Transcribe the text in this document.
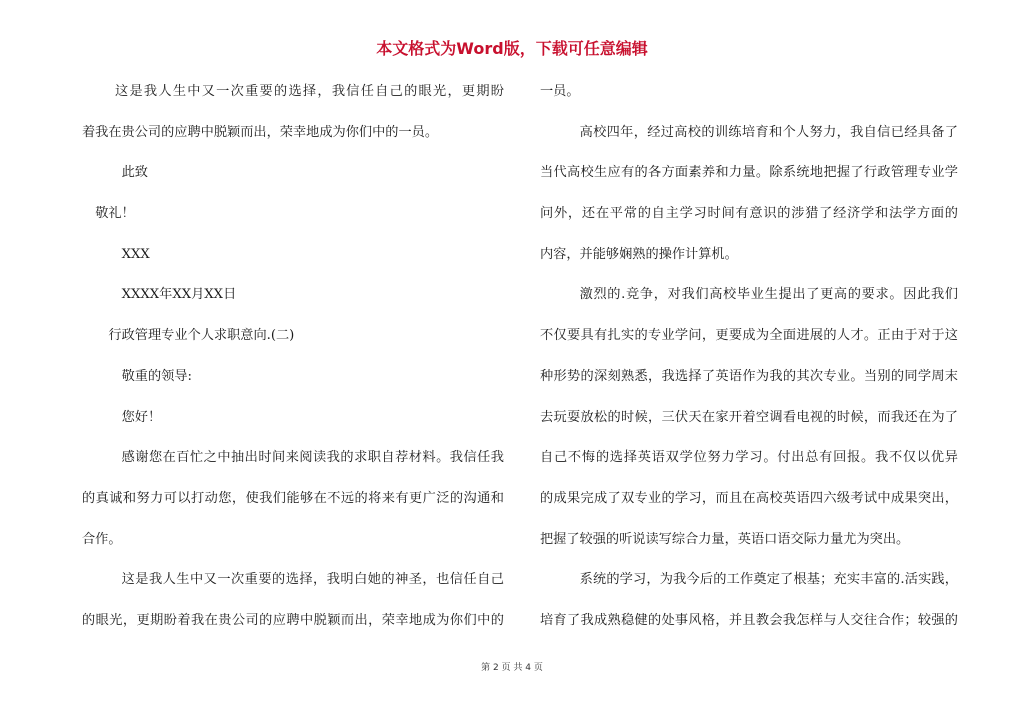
本文格式为Word版，下载可任意编辑
这是我人生中又一次重要的选择，我信任自己的眼光，更期盼
着我在贵公司的应聘中脱颖而出，荣幸地成为你们中的一员。
此致
敬礼！
XXX
XXXX年XX月XX日
行政管理专业个人求职意向.(二)
敬重的领导:
您好！
感谢您在百忙之中抽出时间来阅读我的求职自荐材料。我信任我
的真诚和努力可以打动您，使我们能够在不远的将来有更广泛的沟通和
合作。
这是我人生中又一次重要的选择，我明白她的神圣，也信任自己
的眼光，更期盼着我在贵公司的应聘中脱颖而出，荣幸地成为你们中的
一员。
高校四年，经过高校的训练培育和个人努力，我自信已经具备了
当代高校生应有的各方面素养和力量。除系统地把握了行政管理专业学
问外，还在平常的自主学习时间有意识的涉猎了经济学和法学方面的
内容，并能够娴熟的操作计算机。
激烈的.竞争，对我们高校毕业生提出了更高的要求。因此我们
不仅要具有扎实的专业学问，更要成为全面进展的人才。正由于对于这
种形势的深刻熟悉，我选择了英语作为我的其次专业。当别的同学周末
去玩耍放松的时候，三伏天在家开着空调看电视的时候，而我还在为了
自己不悔的选择英语双学位努力学习。付出总有回报。我不仅以优异
的成果完成了双专业的学习，而且在高校英语四六级考试中成果突出，
把握了较强的听说读写综合力量，英语口语交际力量尤为突出。
系统的学习，为我今后的工作奠定了根基；充实丰富的.活实践，
培育了我成熟稳健的处事风格，并且教会我怎样与人交往合作；较强的
第 2 页 共 4 页
